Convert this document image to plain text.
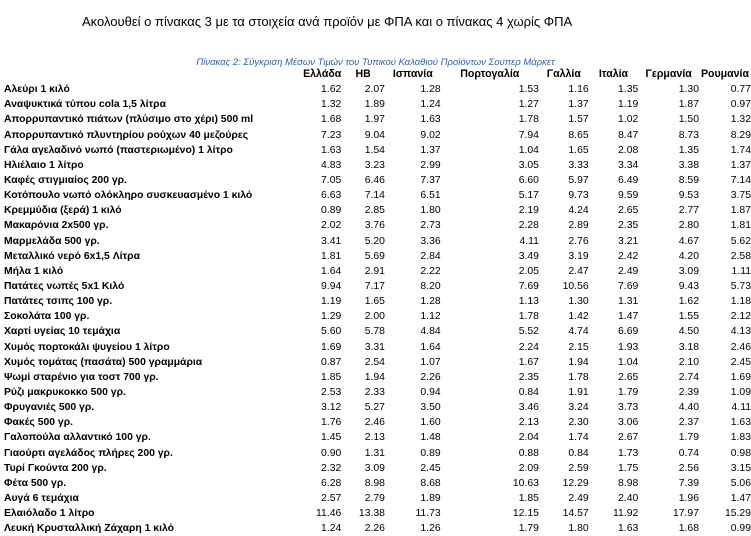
Ακολουθεί ο πίνακας 3 με τα στοιχεία ανά προϊόν με ΦΠΑ και ο πίνακας 4 χωρίς ΦΠΑ
Πίνακας 2: Σύγκριση Μέσων Τιμών του Τυπικού Καλαθιού Προϊόντων Σουπερ Μάρκετ
	Ελλάδα	ΗΒ	Ισπανία	Πορτογαλία	Γαλλία	Ιταλία	Γερμανία	Ρουμανία
Αλεύρι 1 κιλό	1.62	2.07	1.28	1.53	1.16	1.35	1.30	0.77
Αναψυκτικά τύπου cola 1,5 λίτρα	1.32	1.89	1.24	1.27	1.37	1.19	1.87	0.97
Απορρυπαντικό πιάτων (πλύσιμο στο χέρι) 500 ml	1.68	1.97	1.63	1.78	1.57	1.02	1.50	1.32
Απορρυπαντικό πλυντηρίου ρούχων 40 μεζούρες	7.23	9.04	9.02	7.94	8.65	8.47	8.73	8.29
Γάλα αγελαδινό νωπό (παστεριωμένο) 1 λίτρο	1.63	1.54	1.37	1.04	1.65	2.08	1.35	1.74
Ηλιέλαιο 1 λίτρο	4.83	3.23	2.99	3.05	3.33	3.34	3.38	1.37
Καφές στιγμιαίος 200 γρ.	7.05	6.46	7.37	6.60	5.97	6.49	8.59	7.14
Κοτόπουλο νωπό ολόκληρο συσκευασμένο 1 κιλό	6.63	7.14	6.51	5.17	9.73	9.59	9.53	3.75
Κρεμμύδια (ξερά) 1 κιλό	0.89	2.85	1.80	2.19	4.24	2.65	2.77	1.87
Μακαρόνια 2x500 γρ.	2.02	3.76	2.73	2.28	2.89	2.35	2.80	1.81
Μαρμελάδα 500 γρ.	3.41	5.20	3.36	4.11	2.76	3.21	4.67	5.62
Μεταλλικό νερό 6x1,5 Λίτρα	1.81	5.69	2.84	3.49	3.19	2.42	4.20	2.58
Μήλα 1 κιλό	1.64	2.91	2.22	2.05	2.47	2.49	3.09	1.11
Πατάτες νωπές 5x1 Κιλό	9.94	7.17	8.20	7.69	10.56	7.69	9.43	5.73
Πατάτες τσιπς 100 γρ.	1.19	1.65	1.28	1.13	1.30	1.31	1.62	1.18
Σοκολάτα 100 γρ.	1.29	2.00	1.12	1.78	1.42	1.47	1.55	2.12
Χαρτί υγείας 10 τεμάχια	5.60	5.78	4.84	5.52	4.74	6.69	4.50	4.13
Χυμός πορτοκάλι ψυγείου 1 λίτρο	1.69	3.31	1.64	2.24	2.15	1.93	3.18	2.46
Χυμός τομάτας (πασάτα) 500 γραμμάρια	0.87	2.54	1.07	1.67	1.94	1.04	2.10	2.45
Ψωμί σταρένιο για τοστ 700 γρ.	1.85	1.94	2.26	2.35	1.78	2.65	2.74	1.69
Ρύζι μακρυκοκκο 500 γρ.	2.53	2.33	0.94	0.84	1.91	1.79	2.39	1.09
Φρυγανιές 500 γρ.	3.12	5.27	3.50	3.46	3.24	3.73	4.40	4.11
Φακές 500 γρ.	1.76	2.46	1.60	2.13	2.30	3.06	2.37	1.63
Γαλοπούλα αλλαντικό 100 γρ.	1.45	2.13	1.48	2.04	1.74	2.67	1.79	1.83
Γιαούρτι αγελάδος πλήρες 200 γρ.	0.90	1.31	0.89	0.88	0.84	1.73	0.74	0.98
Τυρί Γκούντα 200 γρ.	2.32	3.09	2.45	2.09	2.59	1.75	2.56	3.15
Φέτα 500 γρ.	6.28	8.98	8.68	10.63	12.29	8.98	7.39	5.06
Αυγά 6 τεμάχια	2.57	2.79	1.89	1.85	2.49	2.40	1.96	1.47
Ελαιόλαδο 1 λίτρο	11.46	13.38	11.73	12.15	14.57	11.92	17.97	15.29
Λευκή Κρυσταλλική Ζάχαρη 1 κιλό	1.24	2.26	1.26	1.79	1.80	1.63	1.68	0.99
